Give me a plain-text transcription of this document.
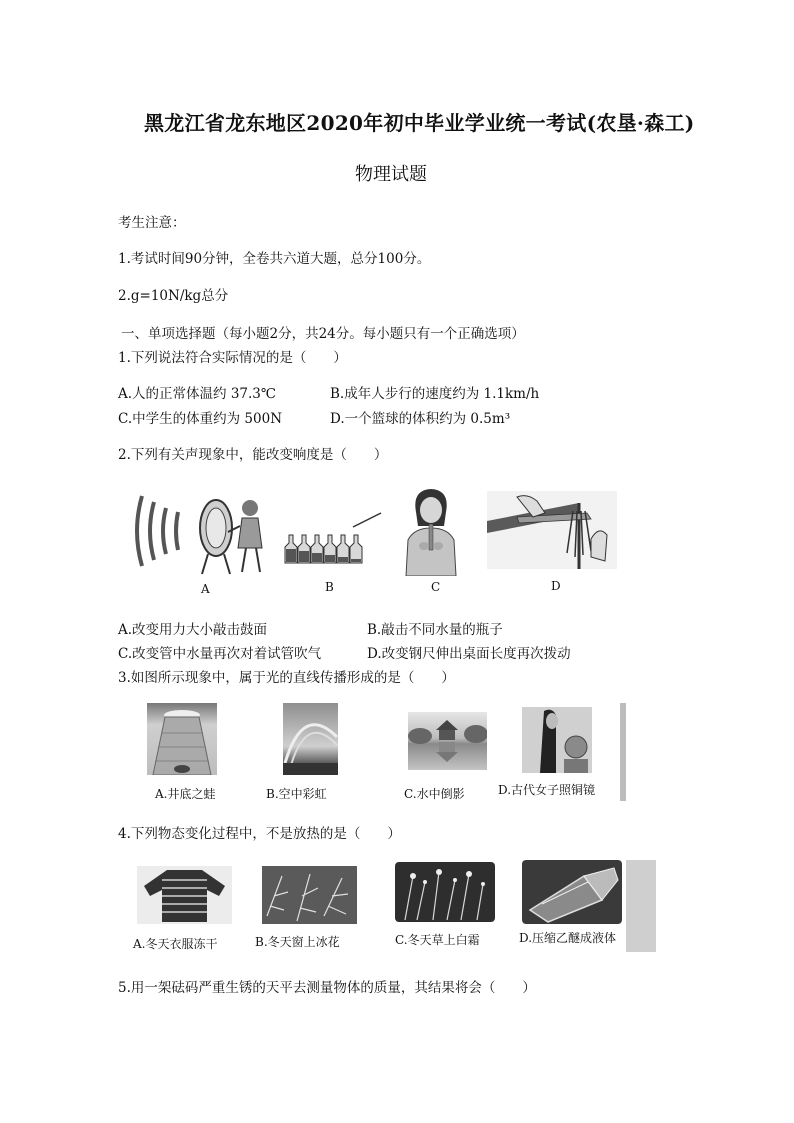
黑龙江省龙东地区2020年初中毕业学业统一考试(农垦·森工)
物理试题
考生注意：
1.考试时间90分钟，全卷共六道大题，总分100分。
2.g=10N/kg总分
一、单项选择题（每小题2分，共24分。每小题只有一个正确选项）
1.下列说法符合实际情况的是（　　）
A.人的正常体温约 37.3℃	B.成年人步行的速度约为 1.1km/h
C.中学生的体重约为 500N	D.一个篮球的体积约为 0.5m³
2.下列有关声现象中，能改变响度是（　　）
A	B	C	D
A.改变用力大小敲击鼓面	B.敲击不同水量的瓶子
C.改变管中水量再次对着试管吹气	D.改变钢尺伸出桌面长度再次拨动
3.如图所示现象中，属于光的直线传播形成的是（　　）
A.井底之蛙	B.空中彩虹	C.水中倒影	D.古代女子照铜镜
4.下列物态变化过程中，不是放热的是（　　）
A.冬天衣服冻干	B.冬天窗上冰花	C.冬天草上白霜	D.压缩乙醚成液体
5.用一架砝码严重生锈的天平去测量物体的质量，其结果将会（　　）
